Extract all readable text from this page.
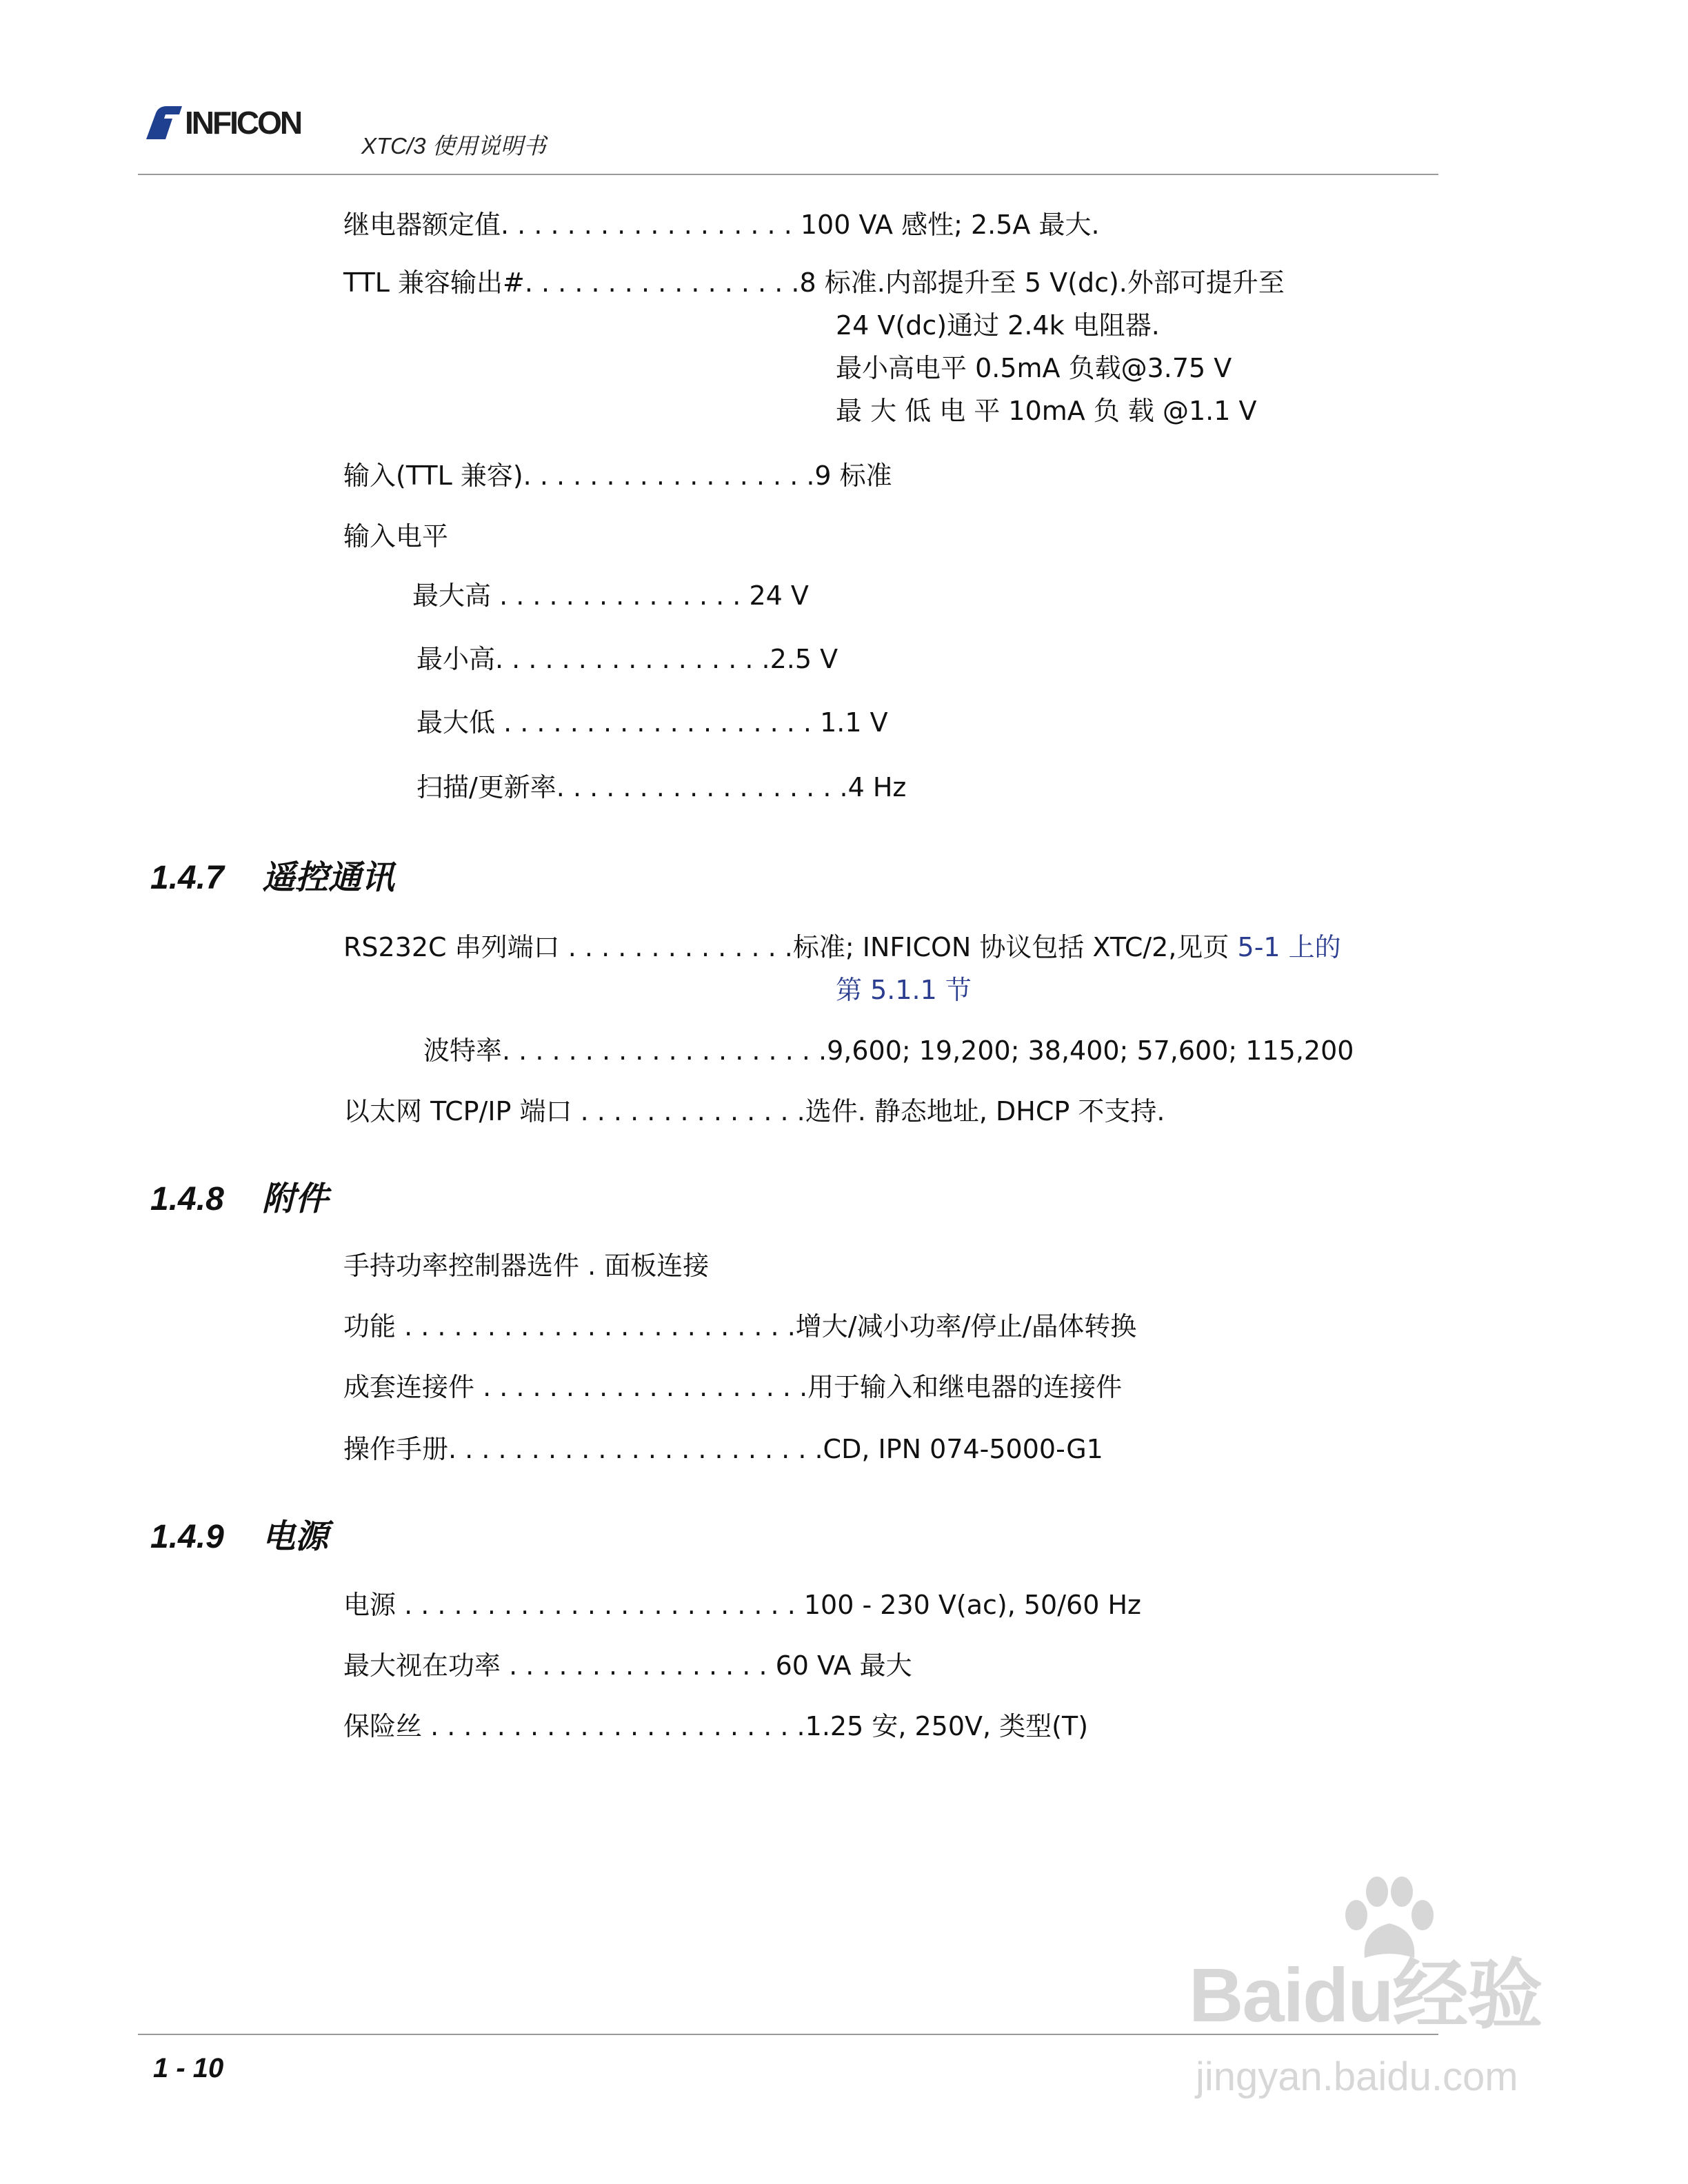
INFICON
XTC/3 使用说明书
继电器额定值. . . . . . . . . . . . . . . . . . 100 VA 感性; 2.5A 最大.
TTL 兼容输出#. . . . . . . . . . . . . . . . .8 标准.内部提升至 5 V(dc).外部可提升至
24 V(dc)通过 2.4k 电阻器.
最小高电平 0.5mA 负载@3.75 V
最 大 低 电 平 10mA 负 载 @1.1 V
输入(TTL 兼容). . . . . . . . . . . . . . . . . .9 标准
输入电平
最大高 . . . . . . . . . . . . . . . 24 V
最小高. . . . . . . . . . . . . . . . .2.5 V
最大低 . . . . . . . . . . . . . . . . . . . 1.1 V
扫描/更新率. . . . . . . . . . . . . . . . . .4 Hz
1.4.7 遥控通讯
RS232C 串列端口 . . . . . . . . . . . . . .标准; INFICON 协议包括 XTC/2,见页 5-1 上的
第 5.1.1 节
波特率. . . . . . . . . . . . . . . . . . . .9,600; 19,200; 38,400; 57,600; 115,200
以太网 TCP/IP 端口 . . . . . . . . . . . . . .选件. 静态地址, DHCP 不支持.
1.4.8 附件
手持功率控制器选件 . 面板连接
功能 . . . . . . . . . . . . . . . . . . . . . . . .增大/减小功率/停止/晶体转换
成套连接件 . . . . . . . . . . . . . . . . . . . .用于输入和继电器的连接件
操作手册. . . . . . . . . . . . . . . . . . . . . . .CD, IPN 074-5000-G1
1.4.9 电源
电源 . . . . . . . . . . . . . . . . . . . . . . . . 100 - 230 V(ac), 50/60 Hz
最大视在功率 . . . . . . . . . . . . . . . . 60 VA 最大
保险丝 . . . . . . . . . . . . . . . . . . . . . . .1.25 安, 250V, 类型(T)
1 - 10
Baidu经验
jingyan.baidu.com
